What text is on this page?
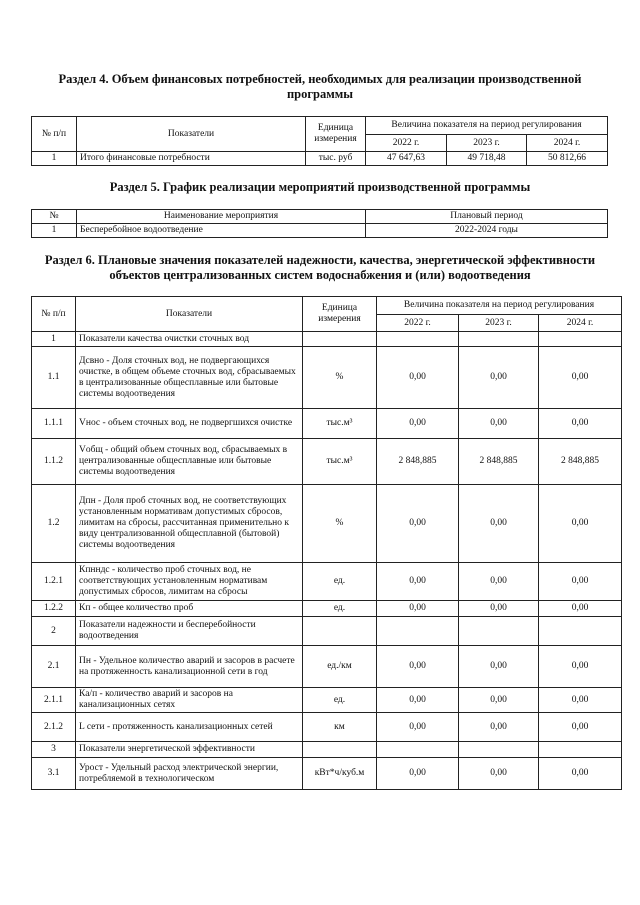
Раздел 4. Объем финансовых потребностей, необходимых для реализации производственной программы
№ п/п	Показатели	Единица измерения	Величина показателя на период регулирования		
			2022 г.	2023 г.	2024 г.
1	Итого финансовые потребности	тыс. руб	47 647,63	49 718,48	50 812,66
Раздел 5. График реализации мероприятий производственной программы
№	Наименование мероприятия	Плановый период
1	Бесперебойное водоотведение	2022-2024 годы
Раздел 6. Плановые значения показателей надежности, качества, энергетической эффективности объектов централизованных систем водоснабжения и (или) водоотведения
№ п/п	Показатели	Единица измерения	Величина показателя на период регулирования		
			2022 г.	2023 г.	2024 г.
1	Показатели качества очистки сточных вод				
1.1	Дсвно - Доля сточных вод, не подвергающихся очистке, в общем объеме сточных вод, сбрасываемых в централизованные общесплавные или бытовые системы водоотведения	%	0,00	0,00	0,00
1.1.1	Vнос - объем сточных вод, не подвергшихся очистке	тыс.м³	0,00	0,00	0,00
1.1.2	Vобщ - общий объем сточных вод, сбрасываемых в централизованные общесплавные или бытовые системы водоотведения	тыс.м³	2 848,885	2 848,885	2 848,885
1.2	Дпн - Доля проб сточных вод, не соответствующих установленным нормативам допустимых сбросов, лимитам на сбросы, рассчитанная применительно к виду централизованной общесплавной (бытовой) системы водоотведения	%	0,00	0,00	0,00
1.2.1	Кпнндс - количество проб сточных вод, не соответствующих установленным нормативам допустимых сбросов, лимитам на сбросы	ед.	0,00	0,00	0,00
1.2.2	Кп - общее количество проб	ед.	0,00	0,00	0,00
2	Показатели надежности и бесперебойности водоотведения				
2.1	Пн - Удельное количество аварий и засоров в расчете на протяженность канализационной сети в год	ед./км	0,00	0,00	0,00
2.1.1	Ка/п - количество аварий и засоров на канализационных сетях	ед.	0,00	0,00	0,00
2.1.2	L сети - протяженность канализационных сетей	км	0,00	0,00	0,00
3	Показатели энергетической эффективности				
3.1	Урост - Удельный расход электрической энергии, потребляемой в технологическом	кВт*ч/куб.м	0,00	0,00	0,00
